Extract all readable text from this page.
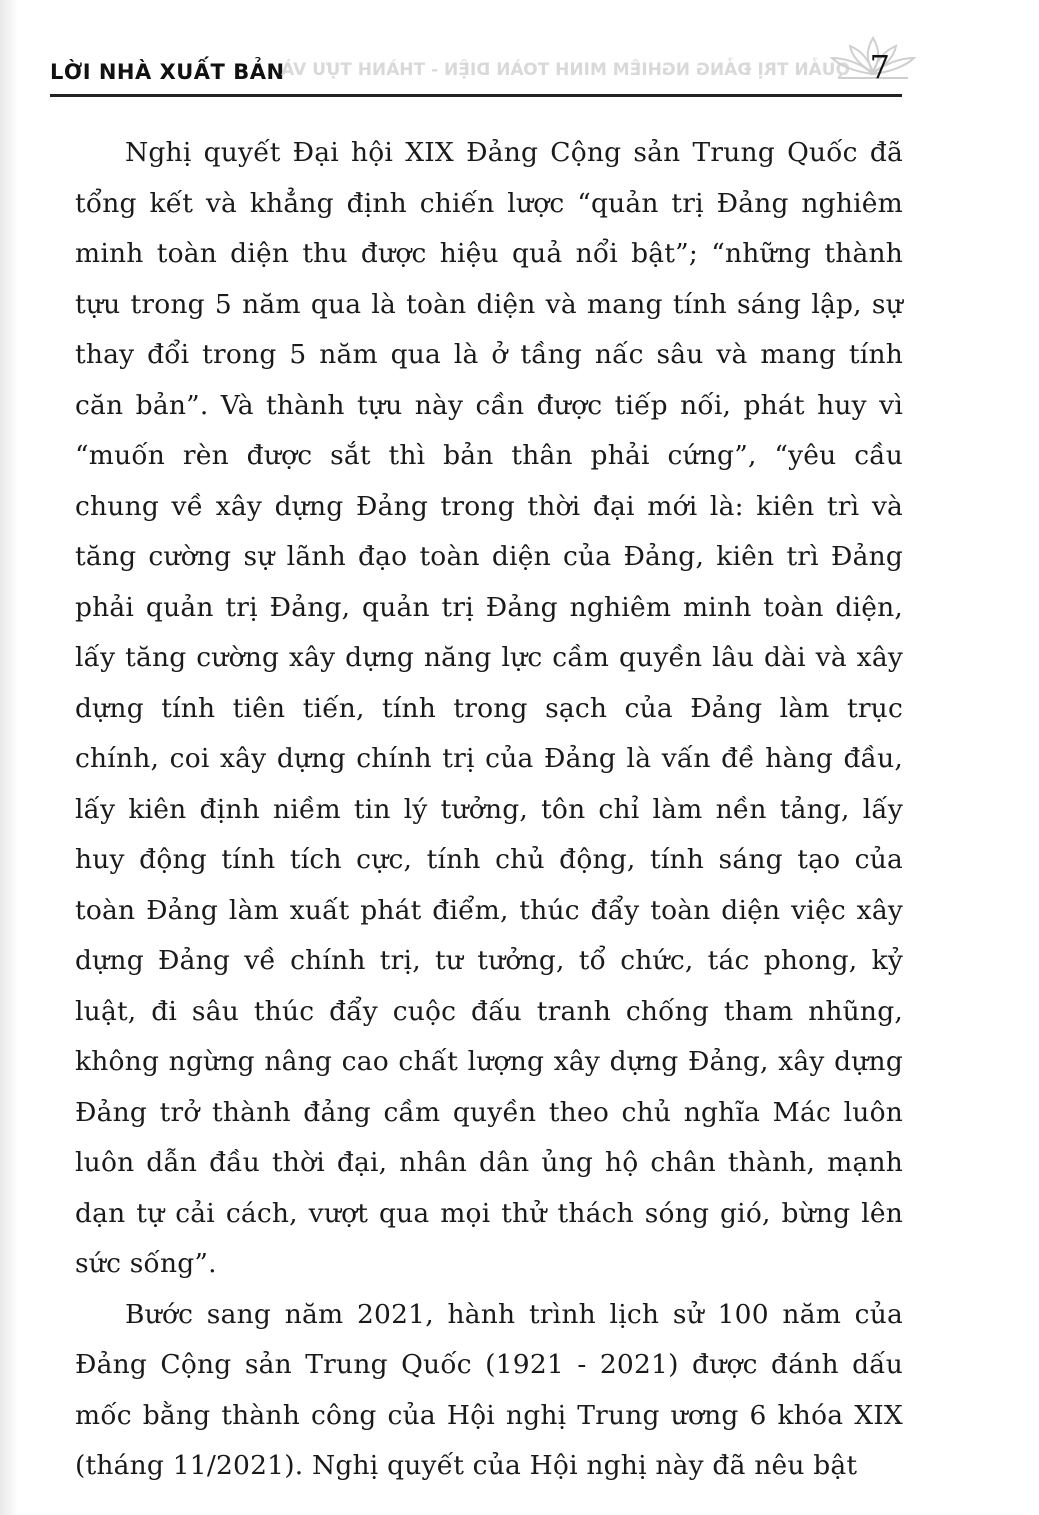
LỜI NHÀ XUẤT BẢN
QUẢN TRỊ ĐẢNG NGHIÊM MINH TOÀN DIỆN - THÀNH TỰU VÀ 7

Nghị quyết Đại hội XIX Đảng Cộng sản Trung Quốc đã tổng kết và khẳng định chiến lược “quản trị Đảng nghiêm minh toàn diện thu được hiệu quả nổi bật”; “những thành tựu trong 5 năm qua là toàn diện và mang tính sáng lập, sự thay đổi trong 5 năm qua là ở tầng nấc sâu và mang tính căn bản”. Và thành tựu này cần được tiếp nối, phát huy vì “muốn rèn được sắt thì bản thân phải cứng”, “yêu cầu chung về xây dựng Đảng trong thời đại mới là: kiên trì và tăng cường sự lãnh đạo toàn diện của Đảng, kiên trì Đảng phải quản trị Đảng, quản trị Đảng nghiêm minh toàn diện, lấy tăng cường xây dựng năng lực cầm quyền lâu dài và xây dựng tính tiên tiến, tính trong sạch của Đảng làm trục chính, coi xây dựng chính trị của Đảng là vấn đề hàng đầu, lấy kiên định niềm tin lý tưởng, tôn chỉ làm nền tảng, lấy huy động tính tích cực, tính chủ động, tính sáng tạo của toàn Đảng làm xuất phát điểm, thúc đẩy toàn diện việc xây dựng Đảng về chính trị, tư tưởng, tổ chức, tác phong, kỷ luật, đi sâu thúc đẩy cuộc đấu tranh chống tham nhũng, không ngừng nâng cao chất lượng xây dựng Đảng, xây dựng Đảng trở thành đảng cầm quyền theo chủ nghĩa Mác luôn luôn dẫn đầu thời đại, nhân dân ủng hộ chân thành, mạnh dạn tự cải cách, vượt qua mọi thử thách sóng gió, bừng lên sức sống”.

Bước sang năm 2021, hành trình lịch sử 100 năm của Đảng Cộng sản Trung Quốc (1921 - 2021) được đánh dấu mốc bằng thành công của Hội nghị Trung ương 6 khóa XIX (tháng 11/2021). Nghị quyết của Hội nghị này đã nêu bật
